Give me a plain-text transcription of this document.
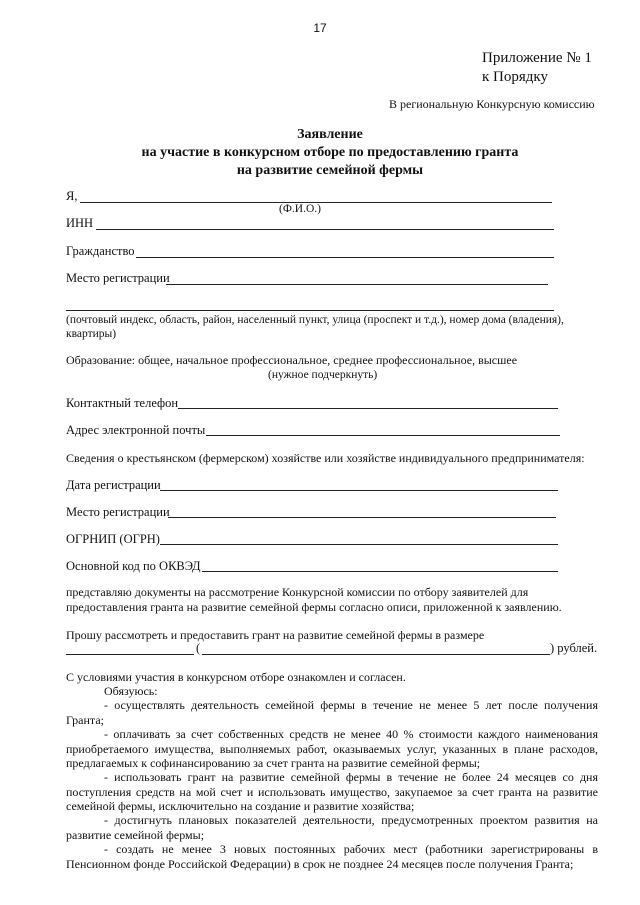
17
Приложение № 1
к Порядку
В региональную Конкурсную комиссию
Заявление
на участие в конкурсном отборе по предоставлению гранта
на развитие семейной фермы
Я,
(Ф.И.О.)
ИНН
Гражданство
Место регистрации
(почтовый индекс, область, район, населенный пункт, улица (проспект и т.д.), номер дома (владения),
квартиры)
Образование: общее, начальное профессиональное, среднее профессиональное, высшее
(нужное подчеркнуть)
Контактный телефон
Адрес электронной почты
Сведения о крестьянском (фермерском) хозяйстве или хозяйстве индивидуального предпринимателя:
Дата регистрации
Место регистрации
ОГРНИП (ОГРН)
Основной код по ОКВЭД
представляю документы на рассмотрение Конкурсной комиссии по отбору заявителей для
предоставления гранта на развитие семейной фермы согласно описи, приложенной к заявлению.
Прошу рассмотреть и предоставить грант на развитие семейной фермы в размере
(	) рублей.
С условиями участия в конкурсном отборе ознакомлен и согласен.
Обязуюсь:
- осуществлять деятельность семейной фермы в течение не менее 5 лет после получения Гранта;
- оплачивать за счет собственных средств не менее 40 % стоимости каждого наименования приобретаемого имущества, выполняемых работ, оказываемых услуг, указанных в плане расходов, предлагаемых к софинансированию за счет гранта на развитие семейной фермы;
- использовать грант на развитие семейной фермы в течение не более 24 месяцев со дня поступления средств на мой счет и использовать имущество, закупаемое за счет гранта на развитие семейной фермы, исключительно на создание и развитие хозяйства;
- достигнуть плановых показателей деятельности, предусмотренных проектом развития на развитие семейной фермы;
- создать не менее 3 новых постоянных рабочих мест (работники зарегистрированы в Пенсионном фонде Российской Федерации) в срок не позднее 24 месяцев после получения Гранта;
